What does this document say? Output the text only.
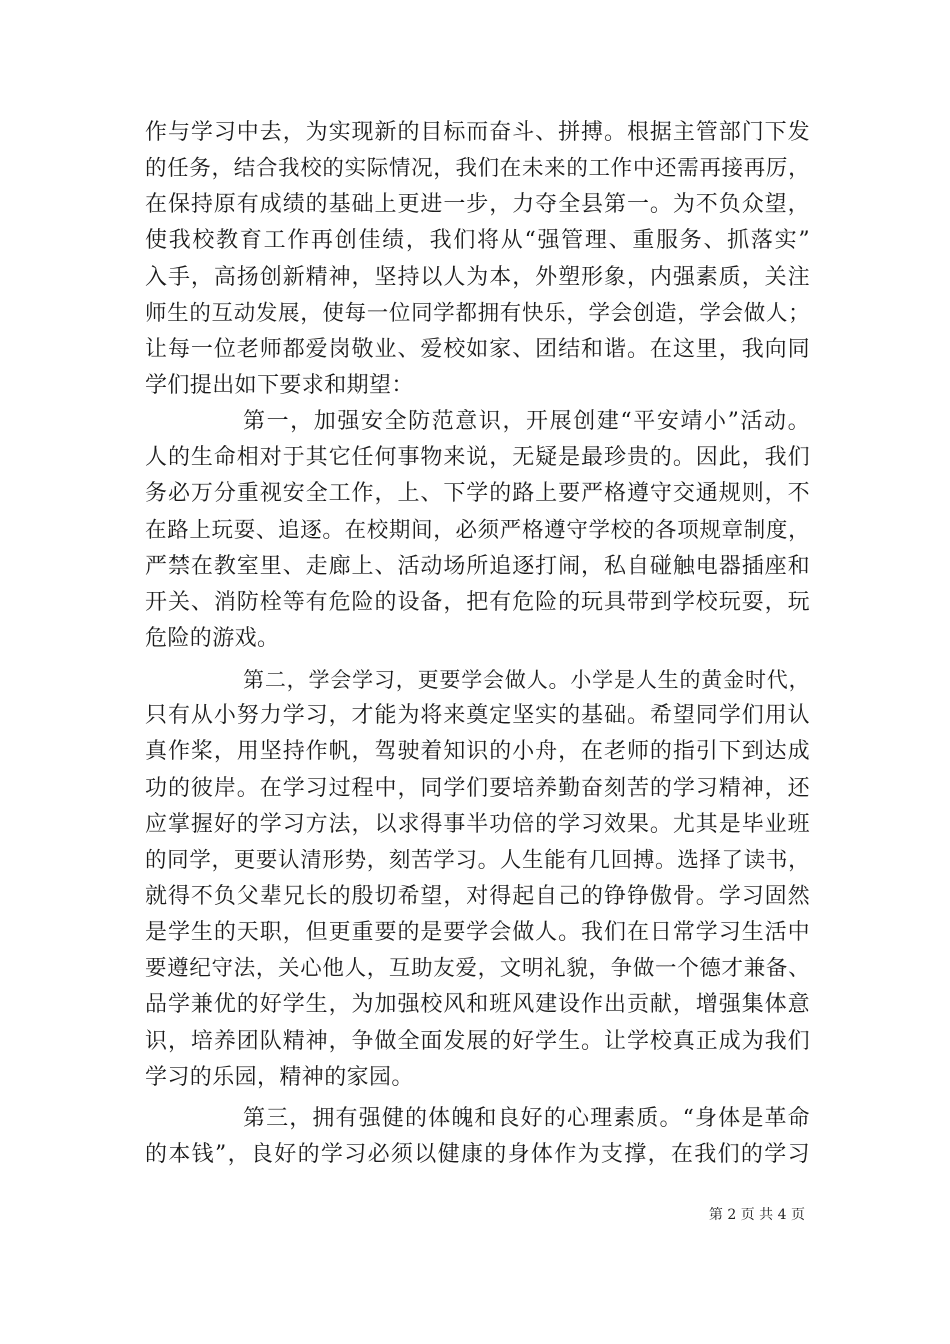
作与学习中去，为实现新的目标而奋斗、拼搏。根据主管部门下发
的任务，结合我校的实际情况，我们在未来的工作中还需再接再厉，
在保持原有成绩的基础上更进一步，力夺全县第一。为不负众望，
使我校教育工作再创佳绩，我们将从“强管理、重服务、抓落实”
入手，高扬创新精神，坚持以人为本，外塑形象，内强素质，关注
师生的互动发展，使每一位同学都拥有快乐，学会创造，学会做人；
让每一位老师都爱岗敬业、爱校如家、团结和谐。在这里，我向同
学们提出如下要求和期望：
第一，加强安全防范意识，开展创建“平安靖小”活动。
人的生命相对于其它任何事物来说，无疑是最珍贵的。因此，我们
务必万分重视安全工作，上、下学的路上要严格遵守交通规则，不
在路上玩耍、追逐。在校期间，必须严格遵守学校的各项规章制度，
严禁在教室里、走廊上、活动场所追逐打闹，私自碰触电器插座和
开关、消防栓等有危险的设备，把有危险的玩具带到学校玩耍，玩
危险的游戏。
第二，学会学习，更要学会做人。小学是人生的黄金时代，
只有从小努力学习，才能为将来奠定坚实的基础。希望同学们用认
真作桨，用坚持作帆，驾驶着知识的小舟，在老师的指引下到达成
功的彼岸。在学习过程中，同学们要培养勤奋刻苦的学习精神，还
应掌握好的学习方法，以求得事半功倍的学习效果。尤其是毕业班
的同学，更要认清形势，刻苦学习。人生能有几回搏。选择了读书，
就得不负父辈兄长的殷切希望，对得起自己的铮铮傲骨。学习固然
是学生的天职，但更重要的是要学会做人。我们在日常学习生活中
要遵纪守法，关心他人，互助友爱，文明礼貌，争做一个德才兼备、
品学兼优的好学生，为加强校风和班风建设作出贡献，增强集体意
识，培养团队精神，争做全面发展的好学生。让学校真正成为我们
学习的乐园，精神的家园。
第三，拥有强健的体魄和良好的心理素质。“身体是革命
的本钱”，良好的学习必须以健康的身体作为支撑，在我们的学习
第 2 页 共 4 页
